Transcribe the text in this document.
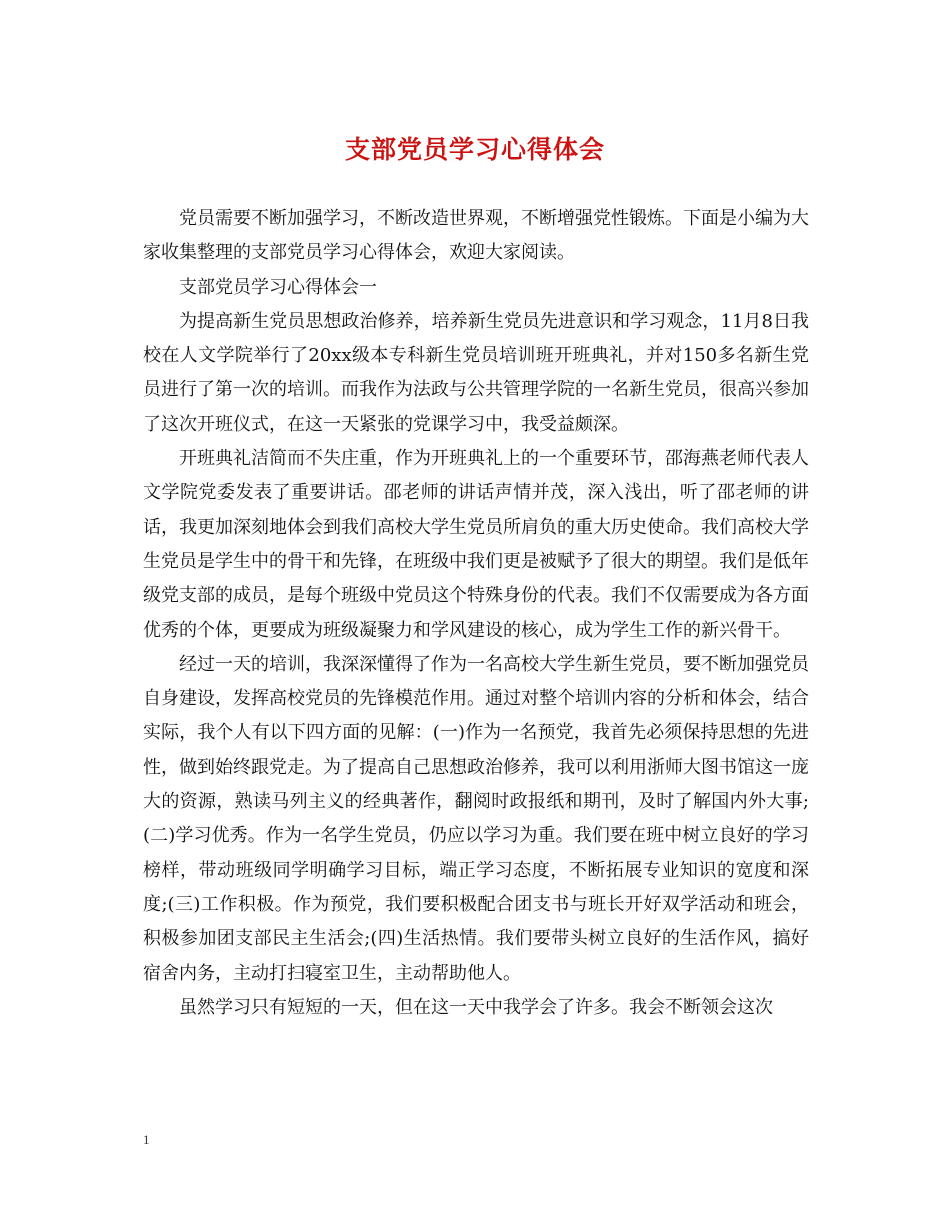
支部党员学习心得体会

党员需要不断加强学习，不断改造世界观，不断增强党性锻炼。下面是小编为大家收集整理的支部党员学习心得体会，欢迎大家阅读。

支部党员学习心得体会一

为提高新生党员思想政治修养，培养新生党员先进意识和学习观念，11月8日我校在人文学院举行了20xx级本专科新生党员培训班开班典礼，并对150多名新生党员进行了第一次的培训。而我作为法政与公共管理学院的一名新生党员，很高兴参加了这次开班仪式，在这一天紧张的党课学习中，我受益颇深。

开班典礼洁简而不失庄重，作为开班典礼上的一个重要环节，邵海燕老师代表人文学院党委发表了重要讲话。邵老师的讲话声情并茂，深入浅出，听了邵老师的讲话，我更加深刻地体会到我们高校大学生党员所肩负的重大历史使命。我们高校大学生党员是学生中的骨干和先锋，在班级中我们更是被赋予了很大的期望。我们是低年级党支部的成员，是每个班级中党员这个特殊身份的代表。我们不仅需要成为各方面优秀的个体，更要成为班级凝聚力和学风建设的核心，成为学生工作的新兴骨干。

经过一天的培训，我深深懂得了作为一名高校大学生新生党员，要不断加强党员自身建设，发挥高校党员的先锋模范作用。通过对整个培训内容的分析和体会，结合实际，我个人有以下四方面的见解：(一)作为一名预党，我首先必须保持思想的先进性，做到始终跟党走。为了提高自己思想政治修养，我可以利用浙师大图书馆这一庞大的资源，熟读马列主义的经典著作，翻阅时政报纸和期刊，及时了解国内外大事;(二)学习优秀。作为一名学生党员，仍应以学习为重。我们要在班中树立良好的学习榜样，带动班级同学明确学习目标，端正学习态度，不断拓展专业知识的宽度和深度;(三)工作积极。作为预党，我们要积极配合团支书与班长开好双学活动和班会，积极参加团支部民主生活会;(四)生活热情。我们要带头树立良好的生活作风，搞好宿舍内务，主动打扫寝室卫生，主动帮助他人。

虽然学习只有短短的一天，但在这一天中我学会了许多。我会不断领会这次

1
